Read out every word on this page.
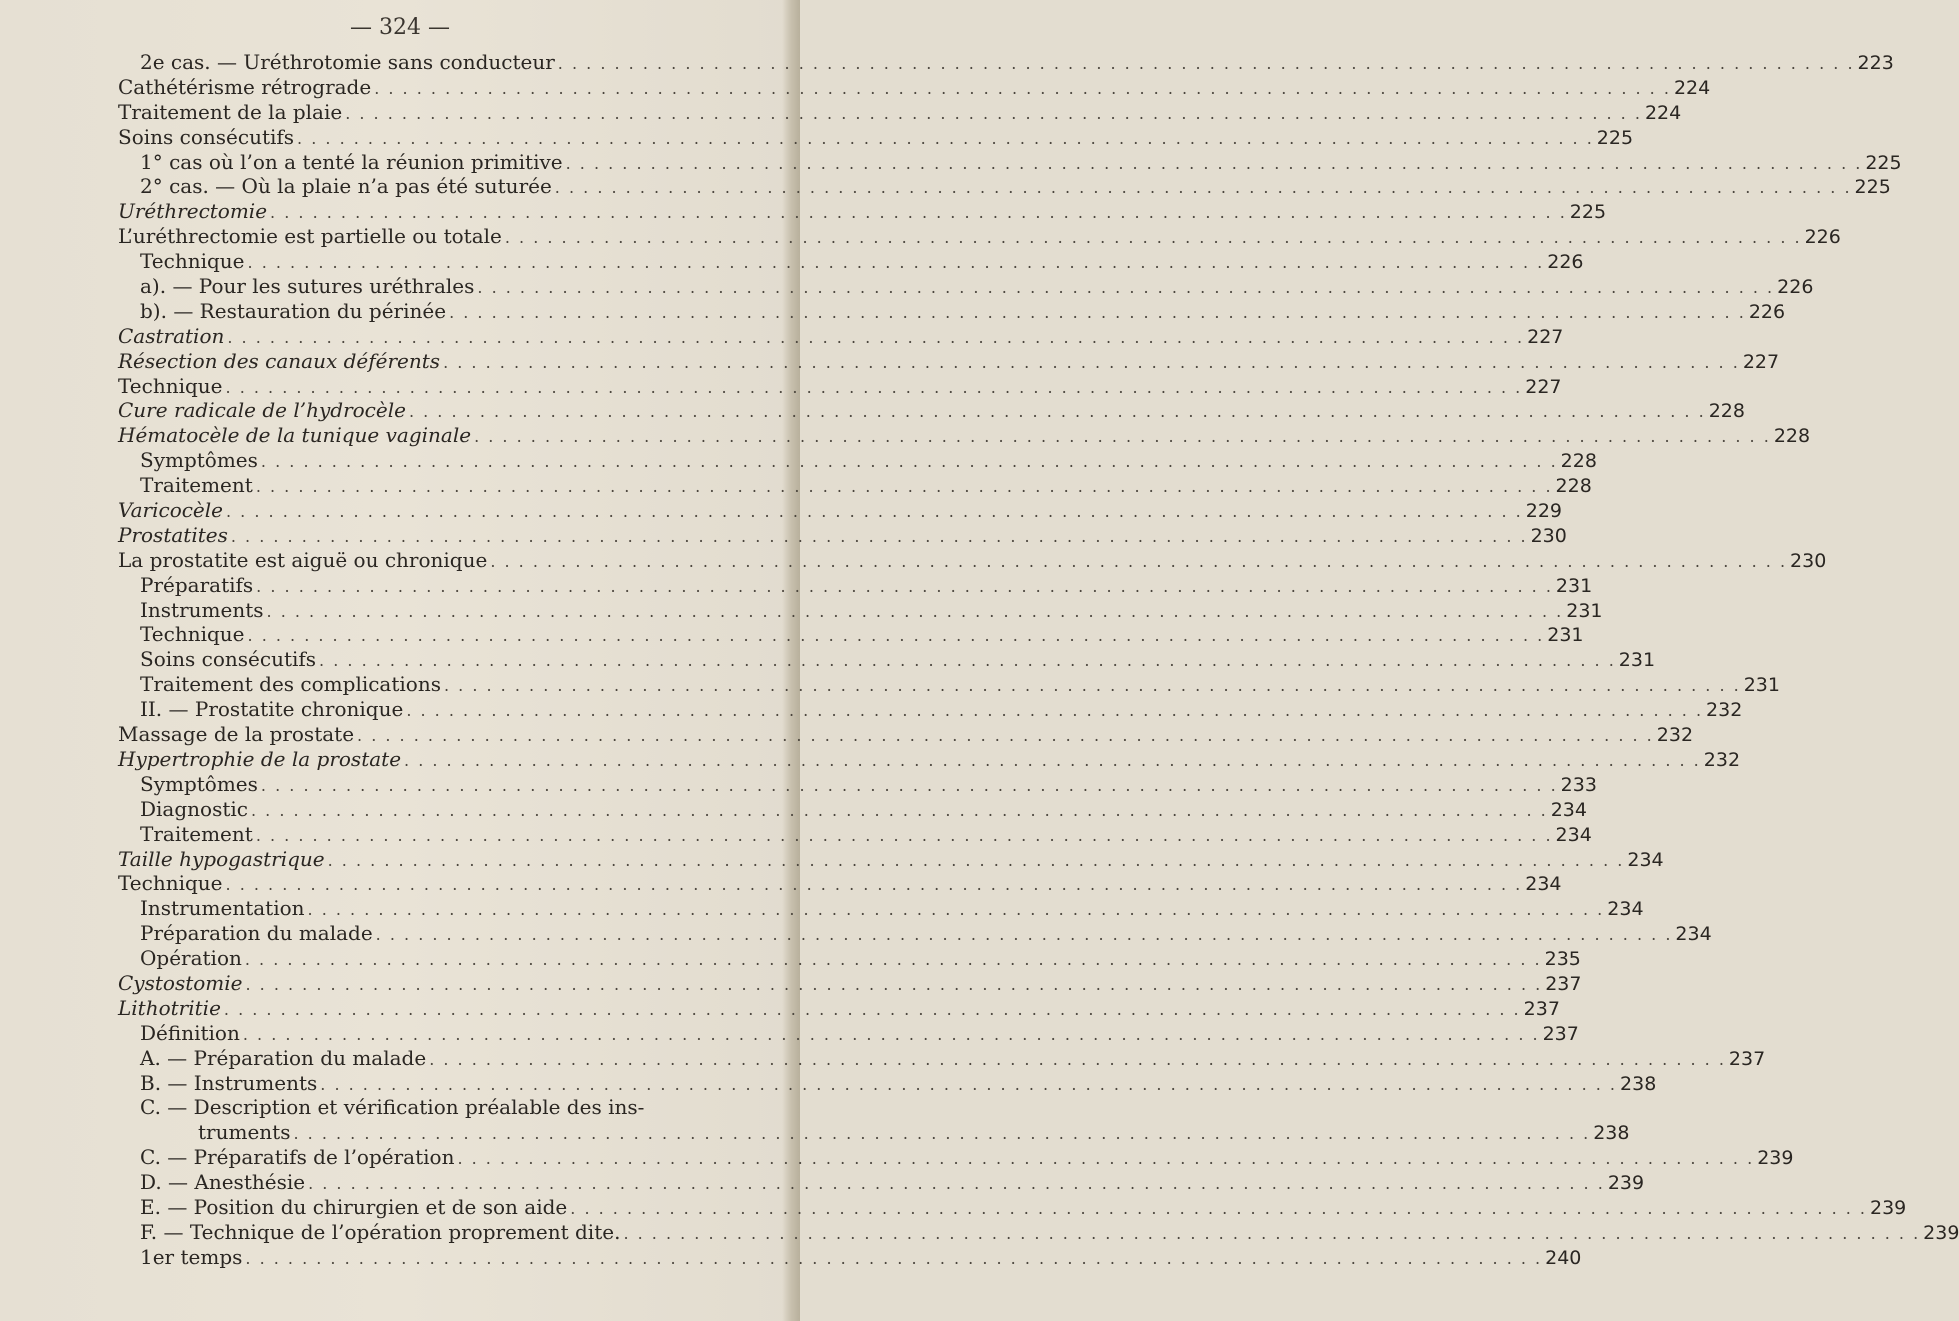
— 324 —
2e cas. — Uréthrotomie sans conducteur . . .	223
Cathétérisme rétrograde . . .	224
Traitement de la plaie . . .	224
Soins consécutifs . . .	225
1° cas où l’on a tenté la réunion primitive . . .	225
2° cas. — Où la plaie n’a pas été suturée . . .	225
Uréthrectomie . . .	225
L’uréthrectomie est partielle ou totale . . .	226
Technique . . .	226
a). — Pour les sutures uréthrales . . .	226
b). — Restauration du périnée . . .	226
Castration . . .	227
Résection des canaux déférents . . .	227
Technique . . .	227
Cure radicale de l’hydrocèle . . .	228
Hématocèle de la tunique vaginale . . .	228
Symptômes . . .	228
Traitement . . .	228
Varicocèle . . .	229
Prostatites . . .	230
La prostatite est aiguë ou chronique . . .	230
Préparatifs . . .	231
Instruments . . .	231
Technique . . .	231
Soins consécutifs . . .	231
Traitement des complications . . .	231
II. — Prostatite chronique . . .	232
Massage de la prostate . . .	232
Hypertrophie de la prostate . . .	232
Symptômes . . .	233
Diagnostic . . .	234
Traitement . . .	234
Taille hypogastrique . . .	234
Technique . . .	234
Instrumentation . . .	234
Préparation du malade . . .	234
Opération . . .	235
Cystostomie . . .	237
Lithotritie . . .	237
Définition . . .	237
A. — Préparation du malade . . .	237
B. — Instruments . . .	238
C. — Description et vérification préalable des ins-
truments . . .	238
C. — Préparatifs de l’opération . . .	239
D. — Anesthésie . . .	239
E. — Position du chirurgien et de son aide . . .	239
F. — Technique de l’opération proprement dite. . . .	239
1er temps . . .	240
